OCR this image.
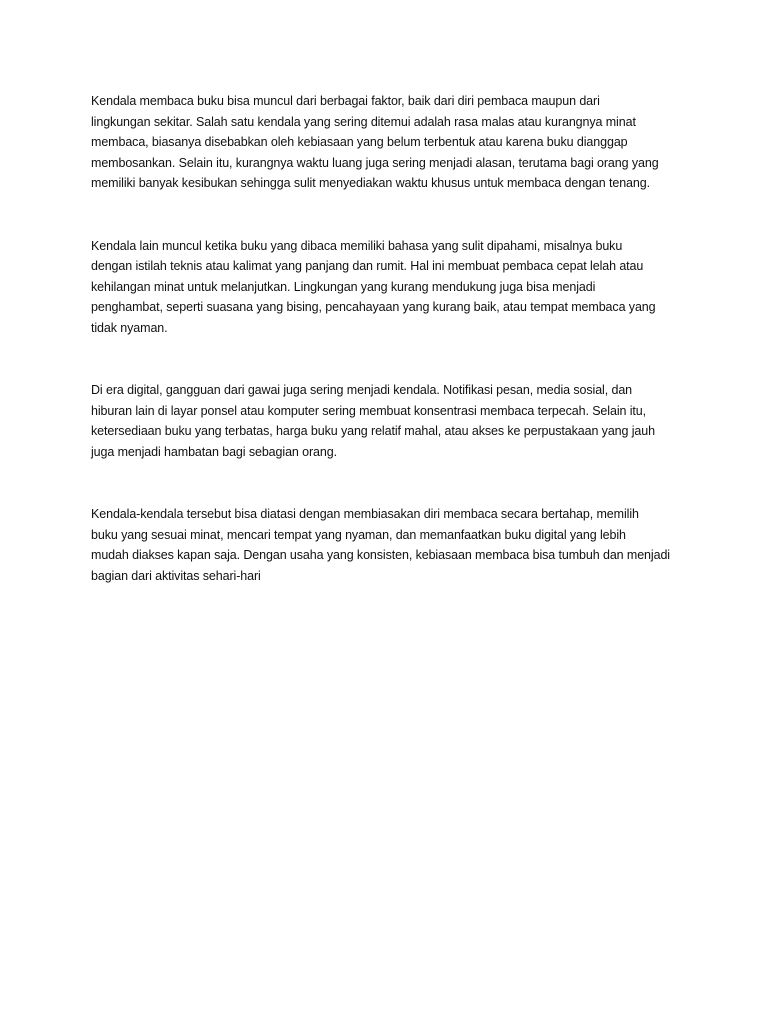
Kendala membaca buku bisa muncul dari berbagai faktor, baik dari diri pembaca maupun dari
lingkungan sekitar. Salah satu kendala yang sering ditemui adalah rasa malas atau kurangnya minat
membaca, biasanya disebabkan oleh kebiasaan yang belum terbentuk atau karena buku dianggap
membosankan. Selain itu, kurangnya waktu luang juga sering menjadi alasan, terutama bagi orang yang
memiliki banyak kesibukan sehingga sulit menyediakan waktu khusus untuk membaca dengan tenang.

Kendala lain muncul ketika buku yang dibaca memiliki bahasa yang sulit dipahami, misalnya buku
dengan istilah teknis atau kalimat yang panjang dan rumit. Hal ini membuat pembaca cepat lelah atau
kehilangan minat untuk melanjutkan. Lingkungan yang kurang mendukung juga bisa menjadi
penghambat, seperti suasana yang bising, pencahayaan yang kurang baik, atau tempat membaca yang
tidak nyaman.

Di era digital, gangguan dari gawai juga sering menjadi kendala. Notifikasi pesan, media sosial, dan
hiburan lain di layar ponsel atau komputer sering membuat konsentrasi membaca terpecah. Selain itu,
ketersediaan buku yang terbatas, harga buku yang relatif mahal, atau akses ke perpustakaan yang jauh
juga menjadi hambatan bagi sebagian orang.

Kendala-kendala tersebut bisa diatasi dengan membiasakan diri membaca secara bertahap, memilih
buku yang sesuai minat, mencari tempat yang nyaman, dan memanfaatkan buku digital yang lebih
mudah diakses kapan saja. Dengan usaha yang konsisten, kebiasaan membaca bisa tumbuh dan menjadi
bagian dari aktivitas sehari-hari
